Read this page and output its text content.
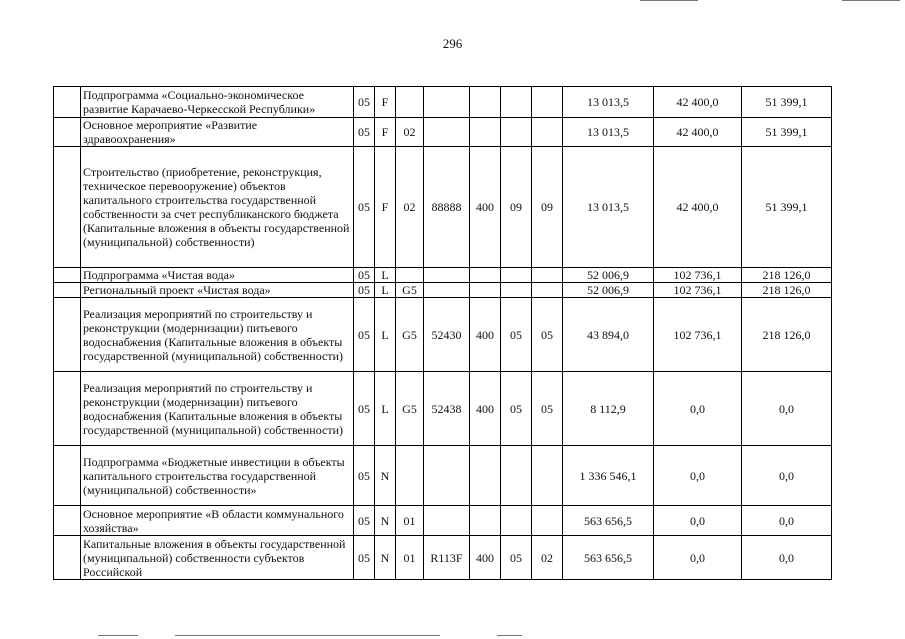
296
	Подпрограмма «Социально-экономическое развитие Карачаево-Черкесской Республики»	05	F						13 013,5	42 400,0	51 399,1
	Основное мероприятие «Развитие здравоохранения»	05	F	02					13 013,5	42 400,0	51 399,1
	Строительство (приобретение, реконструкция, техническое перевооружение) объектов капитального строительства государственной собственности за счет республиканского бюджета (Капитальные вложения в объекты государственной (муниципальной) собственности)	05	F	02	88888	400	09	09	13 013,5	42 400,0	51 399,1
	Подпрограмма «Чистая вода»	05	L						52 006,9	102 736,1	218 126,0
	Региональный проект «Чистая вода»	05	L	G5					52 006,9	102 736,1	218 126,0
	Реализация мероприятий по строительству и реконструкции (модернизации) питьевого водоснабжения (Капитальные вложения в объекты государственной (муниципальной) собственности)	05	L	G5	52430	400	05	05	43 894,0	102 736,1	218 126,0
	Реализация мероприятий по строительству и реконструкции (модернизации) питьевого водоснабжения (Капитальные вложения в объекты государственной (муниципальной) собственности)	05	L	G5	52438	400	05	05	8 112,9	0,0	0,0
	Подпрограмма «Бюджетные инвестиции в объекты капитального строительства государственной (муниципальной) собственности»	05	N						1 336 546,1	0,0	0,0
	Основное мероприятие «В области коммунального хозяйства»	05	N	01					563 656,5	0,0	0,0
	Капитальные вложения в объекты государственной (муниципальной) собственности субъектов Российской	05	N	01	R113F	400	05	02	563 656,5	0,0	0,0
